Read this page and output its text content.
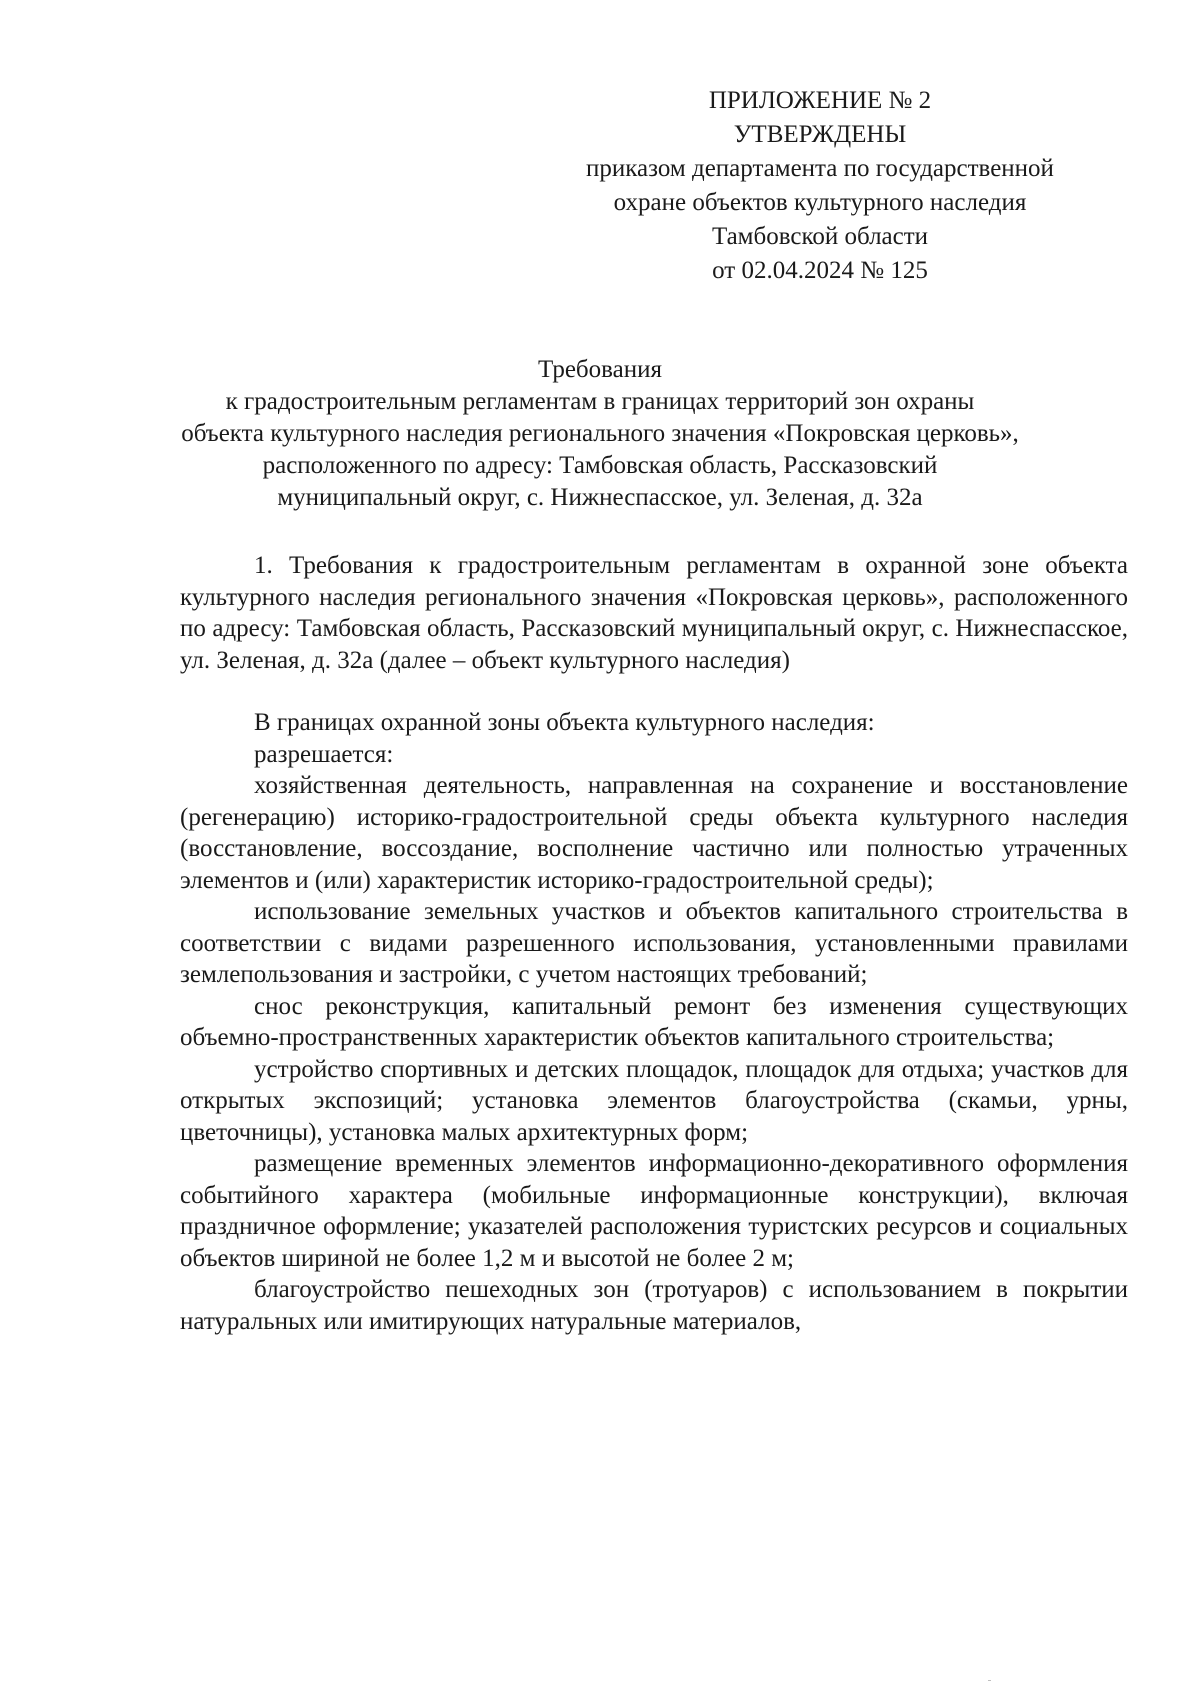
ПРИЛОЖЕНИЕ № 2
УТВЕРЖДЕНЫ
приказом департамента по государственной
охране объектов культурного наследия
Тамбовской области
от 02.04.2024 № 125
Требования
к градостроительным регламентам в границах территорий зон охраны
объекта культурного наследия регионального значения «Покровская церковь»,
расположенного по адресу: Тамбовская область, Рассказовский
муниципальный округ, с. Нижнеспасское, ул. Зеленая, д. 32а

1. Требования к градостроительным регламентам в охранной зоне объекта культурного наследия регионального значения «Покровская церковь», расположенного по адресу: Тамбовская область, Рассказовский муниципальный округ, с. Нижнеспасское, ул. Зеленая, д. 32а (далее – объект культурного наследия)

В границах охранной зоны объекта культурного наследия:

разрешается:

хозяйственная деятельность, направленная на сохранение и восстановление (регенерацию) историко-градостроительной среды объекта культурного наследия (восстановление, воссоздание, восполнение частично или полностью утраченных элементов и (или) характеристик историко-градостроительной среды);

использование земельных участков и объектов капитального строительства в соответствии с видами разрешенного использования, установленными правилами землепользования и застройки, с учетом настоящих требований;

снос реконструкция, капитальный ремонт без изменения существующих объемно-пространственных характеристик объектов капитального строительства;

устройство спортивных и детских площадок, площадок для отдыха; участков для открытых экспозиций; установка элементов благоустройства (скамьи, урны, цветочницы), установка малых архитектурных форм;

размещение временных элементов информационно-декоративного оформления событийного характера (мобильные информационные конструкции), включая праздничное оформление; указателей расположения туристских ресурсов и социальных объектов шириной не более 1,2 м и высотой не более 2 м;

благоустройство пешеходных зон (тротуаров) с использованием в покрытии натуральных или имитирующих натуральные материалов,
